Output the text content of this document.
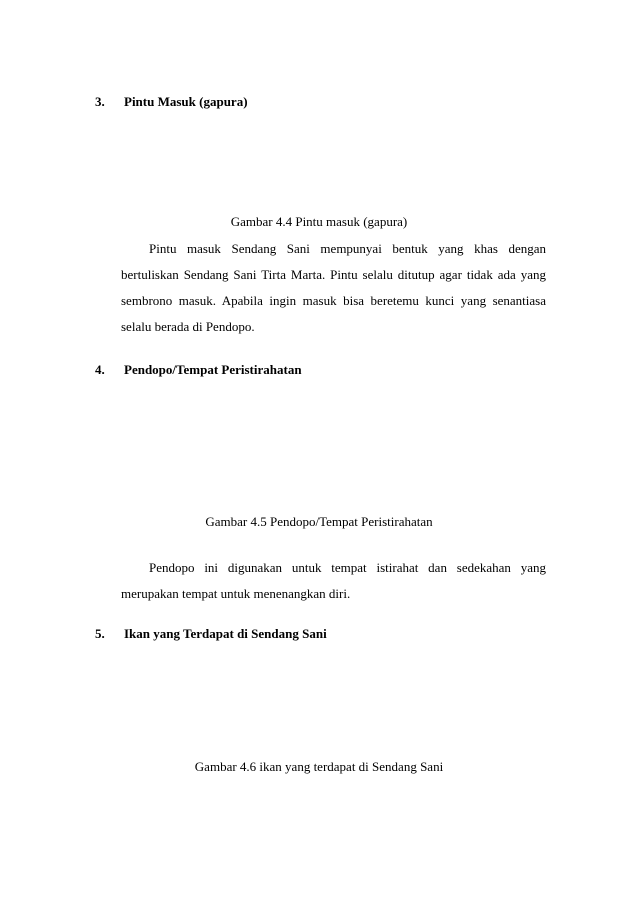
3. Pintu Masuk (gapura)
Gambar 4.4 Pintu masuk (gapura)
Pintu masuk Sendang Sani mempunyai bentuk yang khas dengan
bertuliskan Sendang Sani Tirta Marta. Pintu selalu ditutup agar tidak ada yang
sembrono masuk. Apabila ingin masuk bisa beretemu kunci yang senantiasa
selalu berada di Pendopo.
4. Pendopo/Tempat Peristirahatan
Gambar 4.5 Pendopo/Tempat Peristirahatan
Pendopo ini digunakan untuk tempat istirahat dan sedekahan yang
merupakan tempat untuk menenangkan diri.
5. Ikan yang Terdapat di Sendang Sani
Gambar 4.6 ikan yang terdapat di Sendang Sani
